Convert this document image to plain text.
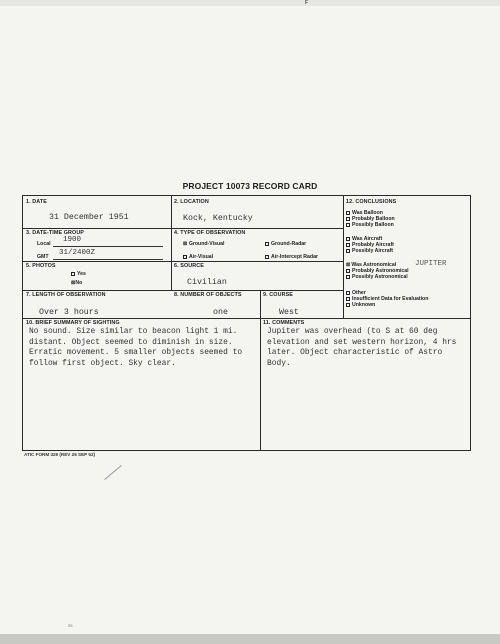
F
PROJECT 10073 RECORD CARD
1. DATE
31 December 1951
2. LOCATION
Kock, Kentucky
3. DATE-TIME GROUP
Local 1900
GMT 31/2400Z
4. TYPE OF OBSERVATION
⊠ Ground-Visual	Ground-Radar
Air-Visual	Air-Intercept Radar
5. PHOTOS
Yes
⊠No
6. SOURCE
Civilian
7. LENGTH OF OBSERVATION
Over 3 hours
8. NUMBER OF OBJECTS
one
9. COURSE
West
10. BRIEF SUMMARY OF SIGHTING
No sound. Size similar to beacon light 1 mi. distant. Object seemed to diminish in size. Erratic movement. 5 smaller objects seemed to follow first object. Sky clear.
11. COMMENTS
Jupiter was overhead (to S at 60 deg elevation and set western horizon, 4 hrs later. Object characteristic of Astro Body.
12. CONCLUSIONS
Was Balloon
Probably Balloon
Possibly Balloon
Was Aircraft
Probably Aircraft
Possibly Aircraft
⊠Was Astronomical
Probably Astronomical
Possibly Astronomical
JUPITER
Other
Insufficient Data for Evaluation
Unknown
ATIC FORM 329 (REV 26 SEP 52)
29
